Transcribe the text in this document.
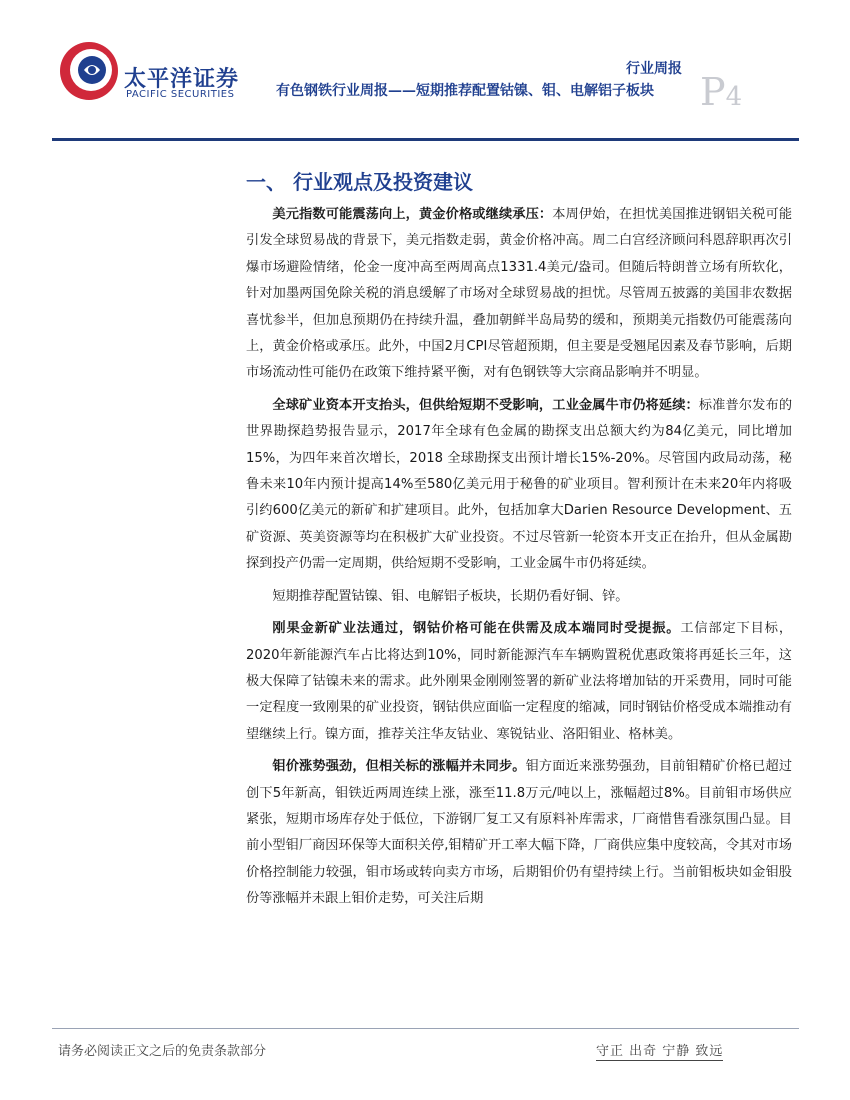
太平洋证券
PACIFIC SECURITIES
行业周报
有色钢铁行业周报——短期推荐配置钴镍、钼、电解铝子板块 P4
一、 行业观点及投资建议

美元指数可能震荡向上，黄金价格或继续承压：本周伊始，在担忧美国推进钢铝关税可能引发全球贸易战的背景下，美元指数走弱，黄金价格冲高。周二白宫经济顾问科恩辞职再次引爆市场避险情绪，伦金一度冲高至两周高点1331.4美元/盎司。但随后特朗普立场有所软化，针对加墨两国免除关税的消息缓解了市场对全球贸易战的担忧。尽管周五披露的美国非农数据喜忧参半，但加息预期仍在持续升温，叠加朝鲜半岛局势的缓和，预期美元指数仍可能震荡向上，黄金价格或承压。此外，中国2月CPI尽管超预期，但主要是受翘尾因素及春节影响，后期市场流动性可能仍在政策下维持紧平衡，对有色钢铁等大宗商品影响并不明显。

全球矿业资本开支抬头，但供给短期不受影响，工业金属牛市仍将延续：标准普尔发布的世界勘探趋势报告显示，2017年全球有色金属的勘探支出总额大约为84亿美元，同比增加15%，为四年来首次增长，2018 全球勘探支出预计增长15%-20%。尽管国内政局动荡，秘鲁未来10年内预计提高14%至580亿美元用于秘鲁的矿业项目。智利预计在未来20年内将吸引约600亿美元的新矿和扩建项目。此外，包括加拿大Darien Resource Development、五矿资源、英美资源等均在积极扩大矿业投资。不过尽管新一轮资本开支正在抬升，但从金属勘探到投产仍需一定周期，供给短期不受影响，工业金属牛市仍将延续。

短期推荐配置钴镍、钼、电解铝子板块，长期仍看好铜、锌。

刚果金新矿业法通过，钢钴价格可能在供需及成本端同时受提振。工信部定下目标，2020年新能源汽车占比将达到10%，同时新能源汽车车辆购置税优惠政策将再延长三年，这极大保障了钴镍未来的需求。此外刚果金刚刚签署的新矿业法将增加钴的开采费用，同时可能一定程度一致刚果的矿业投资，钢钴供应面临一定程度的缩减，同时钢钴价格受成本端推动有望继续上行。镍方面，推荐关注华友钴业、寒锐钴业、洛阳钼业、格林美。

钼价涨势强劲，但相关标的涨幅并未同步。钼方面近来涨势强劲，目前钼精矿价格已超过创下5年新高，钼铁近两周连续上涨，涨至11.8万元/吨以上，涨幅超过8%。目前钼市场供应紧张，短期市场库存处于低位，下游钢厂复工又有原料补库需求，厂商惜售看涨氛围凸显。目前小型钼厂商因环保等大面积关停,钼精矿开工率大幅下降，厂商供应集中度较高，令其对市场价格控制能力较强，钼市场或转向卖方市场，后期钼价仍有望持续上行。当前钼板块如金钼股份等涨幅并未跟上钼价走势，可关注后期

请务必阅读正文之后的免责条款部分	守正 出奇 宁静 致远
